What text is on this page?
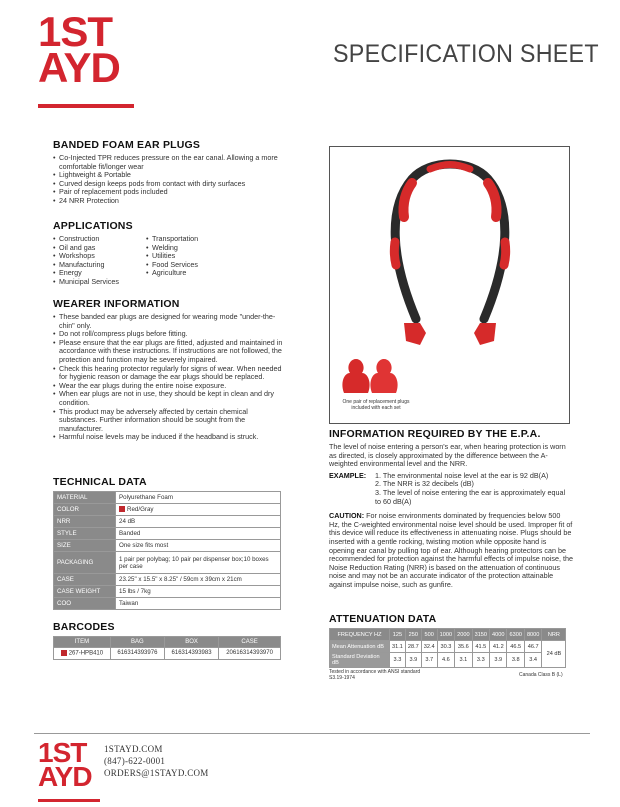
1ST
AYD	SPECIFICATION SHEET
BANDED FOAM EAR PLUGS
• Co-Injected TPR reduces pressure on the ear canal. Allowing a more comfortable fit/longer wear
• Lightweight & Portable
• Curved design keeps pods from contact with dirty surfaces
• Pair of replacement pods included
• 24 NRR Protection
APPLICATIONS
• Construction
• Oil and gas
• Workshops
• Manufacturing
• Energy
• Municipal Services
• Transportation
• Welding
• Utilities
• Food Services
• Agriculture
WEARER INFORMATION
• These banded ear plugs are designed for wearing mode "under-the-chin" only.
• Do not roll/compress plugs before fitting.
• Please ensure that the ear plugs are fitted, adjusted and maintained in accordance with these instructions. If instructions are not followed, the protection and function may be severely impaired.
• Check this hearing protector regularly for signs of wear. When needed for hygienic reason or damage the ear plugs should be replaced.
• Wear the ear plugs during the entire noise exposure.
• When ear plugs are not in use, they should be kept in clean and dry condition.
• This product may be adversely affected by certain chemical substances. Further information should be sought from the manufacturer.
• Harmful noise levels may be induced if the headband is struck.
TECHNICAL DATA
MATERIAL	Polyurethane Foam
COLOR	Red/Gray
NRR	24 dB
STYLE	Banded
SIZE	One size fits most
PACKAGING	1 pair per polybag; 10 pair per dispenser box;10 boxes per case
CASE	23.25" x 15.5" x 8.25" / 59cm x 39cm x 21cm
CASE WEIGHT	15 lbs / 7kg
COO	Taiwan
BARCODES
ITEM	BAG	BOX	CASE
267-HPB410	616314393976	616314393983	20616314393970
One pair of replacement plugs included with each set
INFORMATION REQUIRED BY THE E.P.A.
The level of noise entering a person's ear, when hearing protection is worn as directed, is closely approximated by the difference between the A-weighted environmental level and the NRR.
EXAMPLE:	1. The environmental noise level at the ear is 92 dB(A)
2. The NRR is 32 decibels (dB)
3. The level of noise entering the ear is approximately equal to 60 dB(A)
CAUTION: For noise environments dominated by frequencies below 500 Hz, the C-weighted environmental noise level should be used. Improper fit of this device will reduce its effectiveness in attenuating noise. Plugs should be inserted with a gentle rocking, twisting motion while opposite hand is opening ear canal by pulling top of ear. Although hearing protectors can be recommended for protection against the harmful effects of impulse noise, the Noise Reduction Rating (NRR) is based on the attenuation of continuous noise and may not be an accurate indicator of the protection attainable against impulse noise, such as gunfire.
ATTENUATION DATA
FREQUENCY HZ	125	250	500	1000	2000	3150	4000	6300	8000	NRR
Mean Attenuation dB	31.1	28.7	32.4	30.3	35.6	41.5	41.2	46.5	46.7	24 dB
Standard Deviation dB	3.3	3.9	3.7	4.6	3.1	3.3	3.9	3.8	3.4	
Tested in accordance with ANSI standard
S3.19-1974	Canada Class B (L)
1ST
AYD
1STAYD.COM
(847)-622-0001
ORDERS@1STAYD.COM
